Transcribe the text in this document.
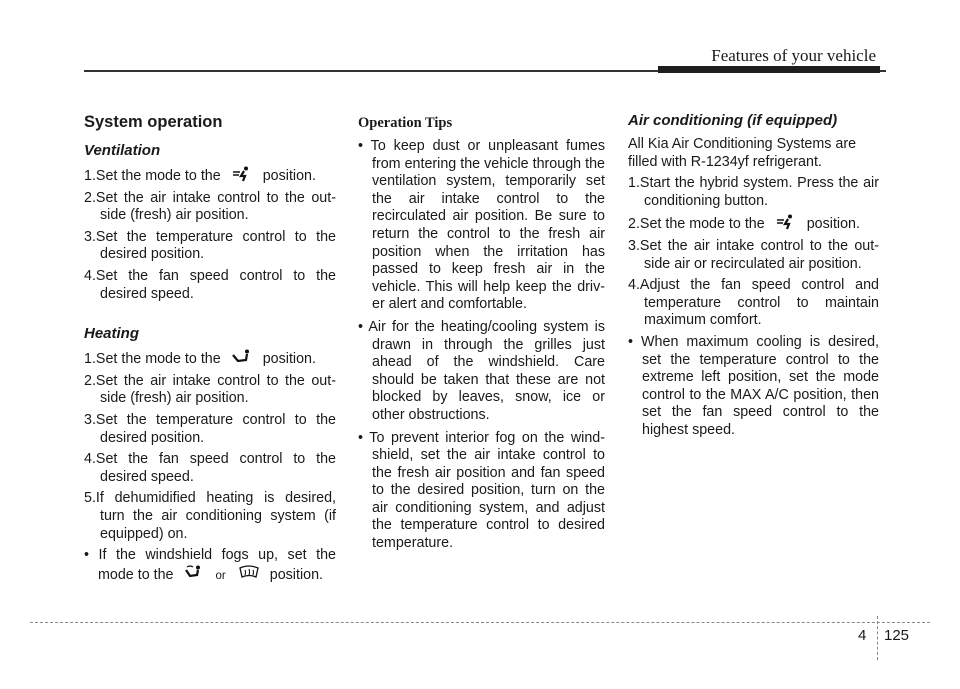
Features of your vehicle
System operation
Ventilation
1.Set the mode to the	position.
2.Set the air intake control to the out-side (fresh) air position.
3.Set the temperature control to the desired position.
4.Set the fan speed control to the desired speed.
Heating
1.Set the mode to the	position.
2.Set the air intake control to the out-side (fresh) air position.
3.Set the temperature control to the desired position.
4.Set the fan speed control to the desired speed.
5.If dehumidified heating is desired, turn the air conditioning system (if equipped) on.
• If the windshield fogs up, set the mode to the	or	position.
Operation Tips
• To keep dust or unpleasant fumes from entering the vehicle through the ventilation system, temporarily set the air intake control to the recirculated air position. Be sure to return the control to the fresh air position when the irritation has passed to keep fresh air in the vehicle. This will help keep the driv-er alert and comfortable.
• Air for the heating/cooling system is drawn in through the grilles just ahead of the windshield. Care should be taken that these are not blocked by leaves, snow, ice or other obstructions.
• To prevent interior fog on the wind-shield, set the air intake control to the fresh air position and fan speed to the desired position, turn on the air conditioning system, and adjust the temperature control to desired temperature.
Air conditioning (if equipped)
All Kia Air Conditioning Systems are filled with R-1234yf refrigerant.
1.Start the hybrid system. Press the air conditioning button.
2.Set the mode to the	position.
3.Set the air intake control to the out-side air or recirculated air position.
4.Adjust the fan speed control and temperature control to maintain maximum comfort.
• When maximum cooling is desired, set the temperature control to the extreme left position, set the mode control to the MAX A/C position, then set the fan speed control to the highest speed.
4 125
